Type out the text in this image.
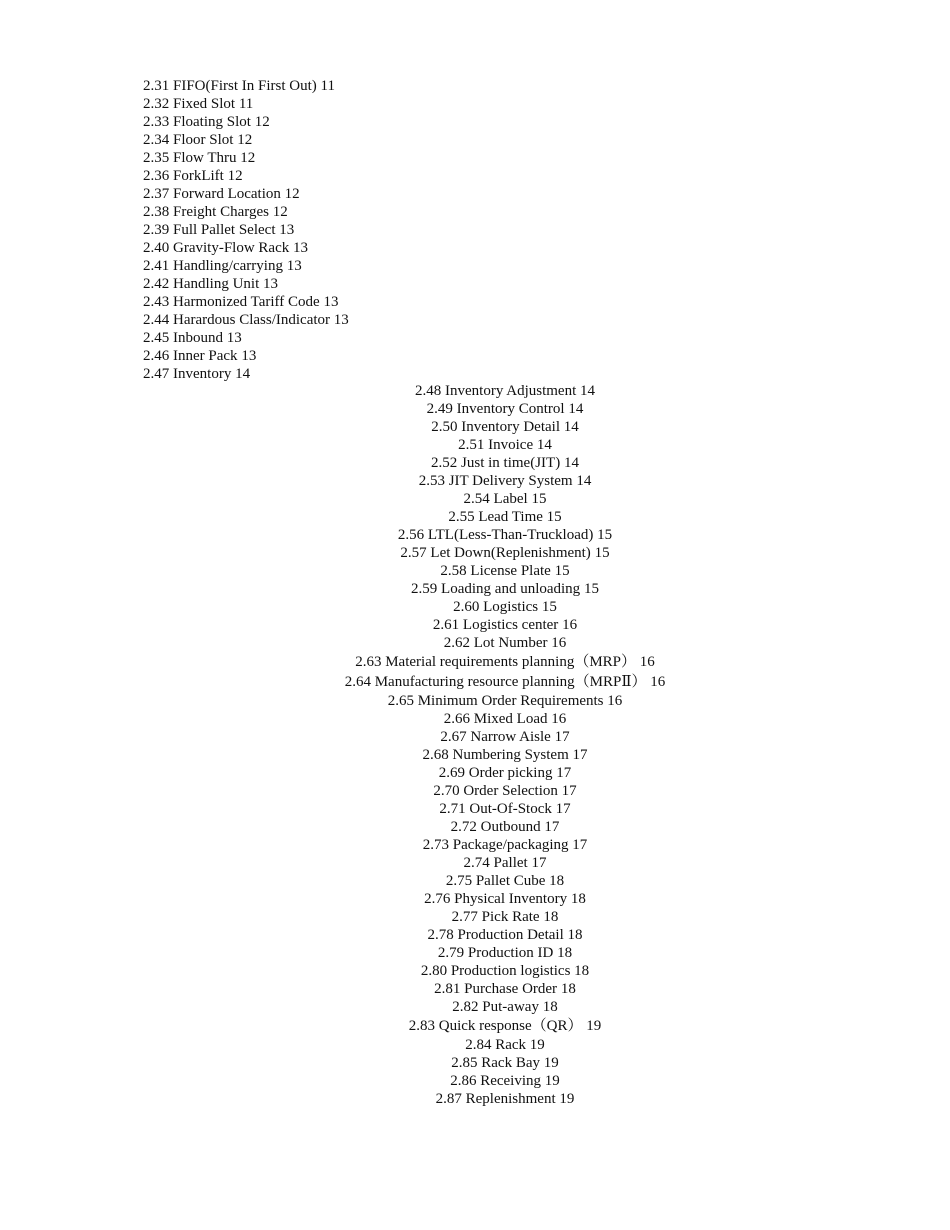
2.31 FIFO(First In First Out) 11
2.32 Fixed Slot 11
2.33 Floating Slot 12
2.34 Floor Slot 12
2.35 Flow Thru 12
2.36 ForkLift 12
2.37 Forward Location 12
2.38 Freight Charges 12
2.39 Full Pallet Select 13
2.40 Gravity-Flow Rack 13
2.41 Handling/carrying 13
2.42 Handling Unit 13
2.43 Harmonized Tariff Code 13
2.44 Harardous Class/Indicator 13
2.45 Inbound 13
2.46 Inner Pack 13
2.47 Inventory 14
2.48 Inventory Adjustment 14
2.49 Inventory Control 14
2.50 Inventory Detail 14
2.51 Invoice 14
2.52 Just in time(JIT) 14
2.53 JIT Delivery System 14
2.54 Label 15
2.55 Lead Time 15
2.56 LTL(Less-Than-Truckload) 15
2.57 Let Down(Replenishment) 15
2.58 License Plate 15
2.59 Loading and unloading 15
2.60 Logistics 15
2.61 Logistics center 16
2.62 Lot Number 16
2.63 Material requirements planning（MRP） 16
2.64 Manufacturing resource planning（MRPⅡ） 16
2.65 Minimum Order Requirements 16
2.66 Mixed Load 16
2.67 Narrow Aisle 17
2.68 Numbering System 17
2.69 Order picking 17
2.70 Order Selection 17
2.71 Out-Of-Stock 17
2.72 Outbound 17
2.73 Package/packaging 17
2.74 Pallet 17
2.75 Pallet Cube 18
2.76 Physical Inventory 18
2.77 Pick Rate 18
2.78 Production Detail 18
2.79 Production ID 18
2.80 Production logistics 18
2.81 Purchase Order 18
2.82 Put-away 18
2.83 Quick response（QR） 19
2.84 Rack 19
2.85 Rack Bay 19
2.86 Receiving 19
2.87 Replenishment 19
